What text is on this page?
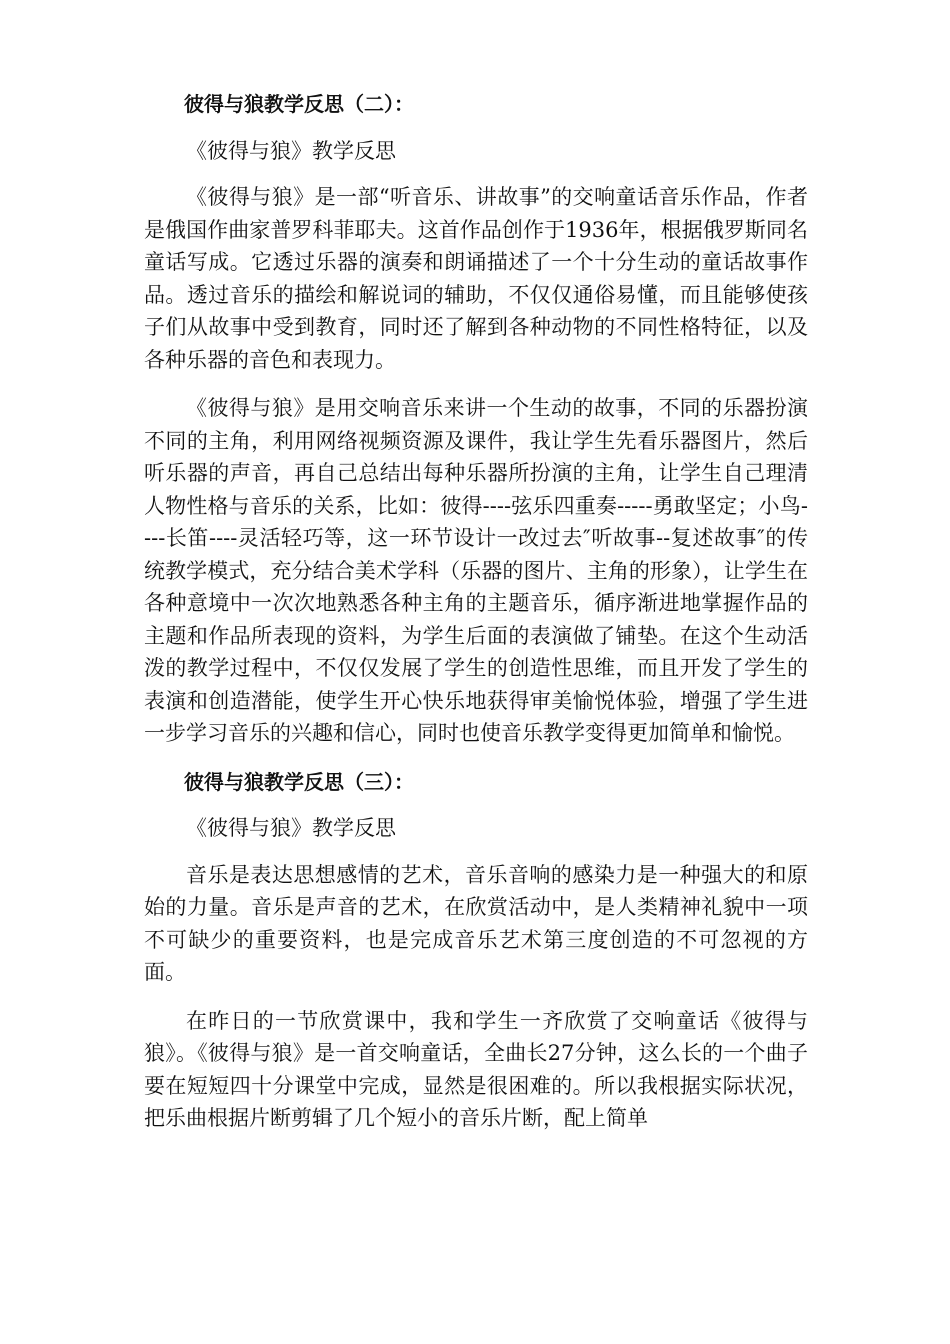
彼得与狼教学反思（二）：

《彼得与狼》教学反思

《彼得与狼》是一部“听音乐、讲故事”的交响童话音乐作品，作者是俄国作曲家普罗科菲耶夫。这首作品创作于1936年，根据俄罗斯同名童话写成。它透过乐器的演奏和朗诵描述了一个十分生动的童话故事作品。透过音乐的描绘和解说词的辅助，不仅仅通俗易懂，而且能够使孩子们从故事中受到教育，同时还了解到各种动物的不同性格特征，以及各种乐器的音色和表现力。

《彼得与狼》是用交响音乐来讲一个生动的故事，不同的乐器扮演不同的主角，利用网络视频资源及课件，我让学生先看乐器图片，然后听乐器的声音，再自己总结出每种乐器所扮演的主角，让学生自己理清人物性格与音乐的关系，比如：彼得----弦乐四重奏-----勇敢坚定；小鸟----长笛----灵活轻巧等，这一环节设计一改过去″听故事--复述故事″的传统教学模式，充分结合美术学科（乐器的图片、主角的形象），让学生在各种意境中一次次地熟悉各种主角的主题音乐，循序渐进地掌握作品的主题和作品所表现的资料，为学生后面的表演做了铺垫。在这个生动活泼的教学过程中，不仅仅发展了学生的创造性思维，而且开发了学生的表演和创造潜能，使学生开心快乐地获得审美愉悦体验，增强了学生进一步学习音乐的兴趣和信心，同时也使音乐教学变得更加简单和愉悦。

彼得与狼教学反思（三）：

《彼得与狼》教学反思

音乐是表达思想感情的艺术，音乐音响的感染力是一种强大的和原始的力量。音乐是声音的艺术，在欣赏活动中，是人类精神礼貌中一项不可缺少的重要资料，也是完成音乐艺术第三度创造的不可忽视的方面。

在昨日的一节欣赏课中，我和学生一齐欣赏了交响童话《彼得与狼》。《彼得与狼》是一首交响童话，全曲长27分钟，这么长的一个曲子要在短短四十分课堂中完成，显然是很困难的。所以我根据实际状况，把乐曲根据片断剪辑了几个短小的音乐片断，配上简单
